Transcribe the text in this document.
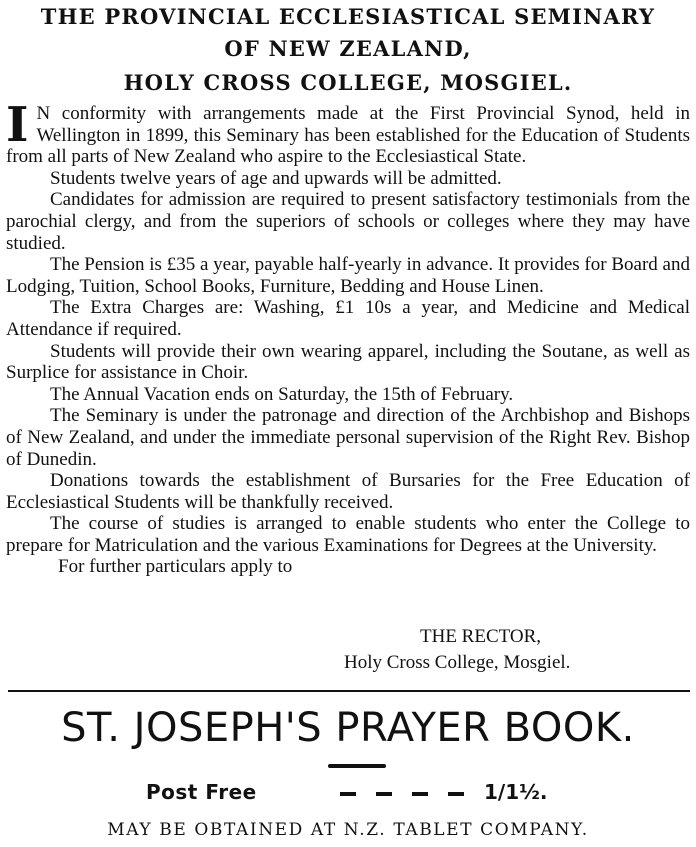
THE PROVINCIAL ECCLESIASTICAL SEMINARY
OF NEW ZEALAND,
HOLY CROSS COLLEGE, MOSGIEL.

I N conformity with arrangements made at the First Provincial Synod, held in Wellington in 1899, this Seminary has been established for the Education of Students from all parts of New Zealand who aspire to the Ecclesiastical State.

Students twelve years of age and upwards will be admitted.

Candidates for admission are required to present satisfactory testimonials from the parochial clergy, and from the superiors of schools or colleges where they may have studied.

The Pension is £35 a year, payable half-yearly in advance. It provides for Board and Lodging, Tuition, School Books, Furniture, Bedding and House Linen.

The Extra Charges are: Washing, £1 10s a year, and Medicine and Medical Attendance if required.

Students will provide their own wearing apparel, including the Soutane, as well as Surplice for assistance in Choir.

The Annual Vacation ends on Saturday, the 15th of February.

The Seminary is under the patronage and direction of the Archbishop and Bishops of New Zealand, and under the immediate personal supervision of the Right Rev. Bishop of Dunedin.

Donations towards the establishment of Bursaries for the Free Education of Ecclesiastical Students will be thankfully received.

The course of studies is arranged to enable students who enter the College to prepare for Matriculation and the various Examinations for Degrees at the University.

For further particulars apply to

THE RECTOR,
Holy Cross College, Mosgiel.
ST. JOSEPH'S PRAYER BOOK.
Post Free	1/1½.
MAY BE OBTAINED AT N.Z. TABLET COMPANY.
